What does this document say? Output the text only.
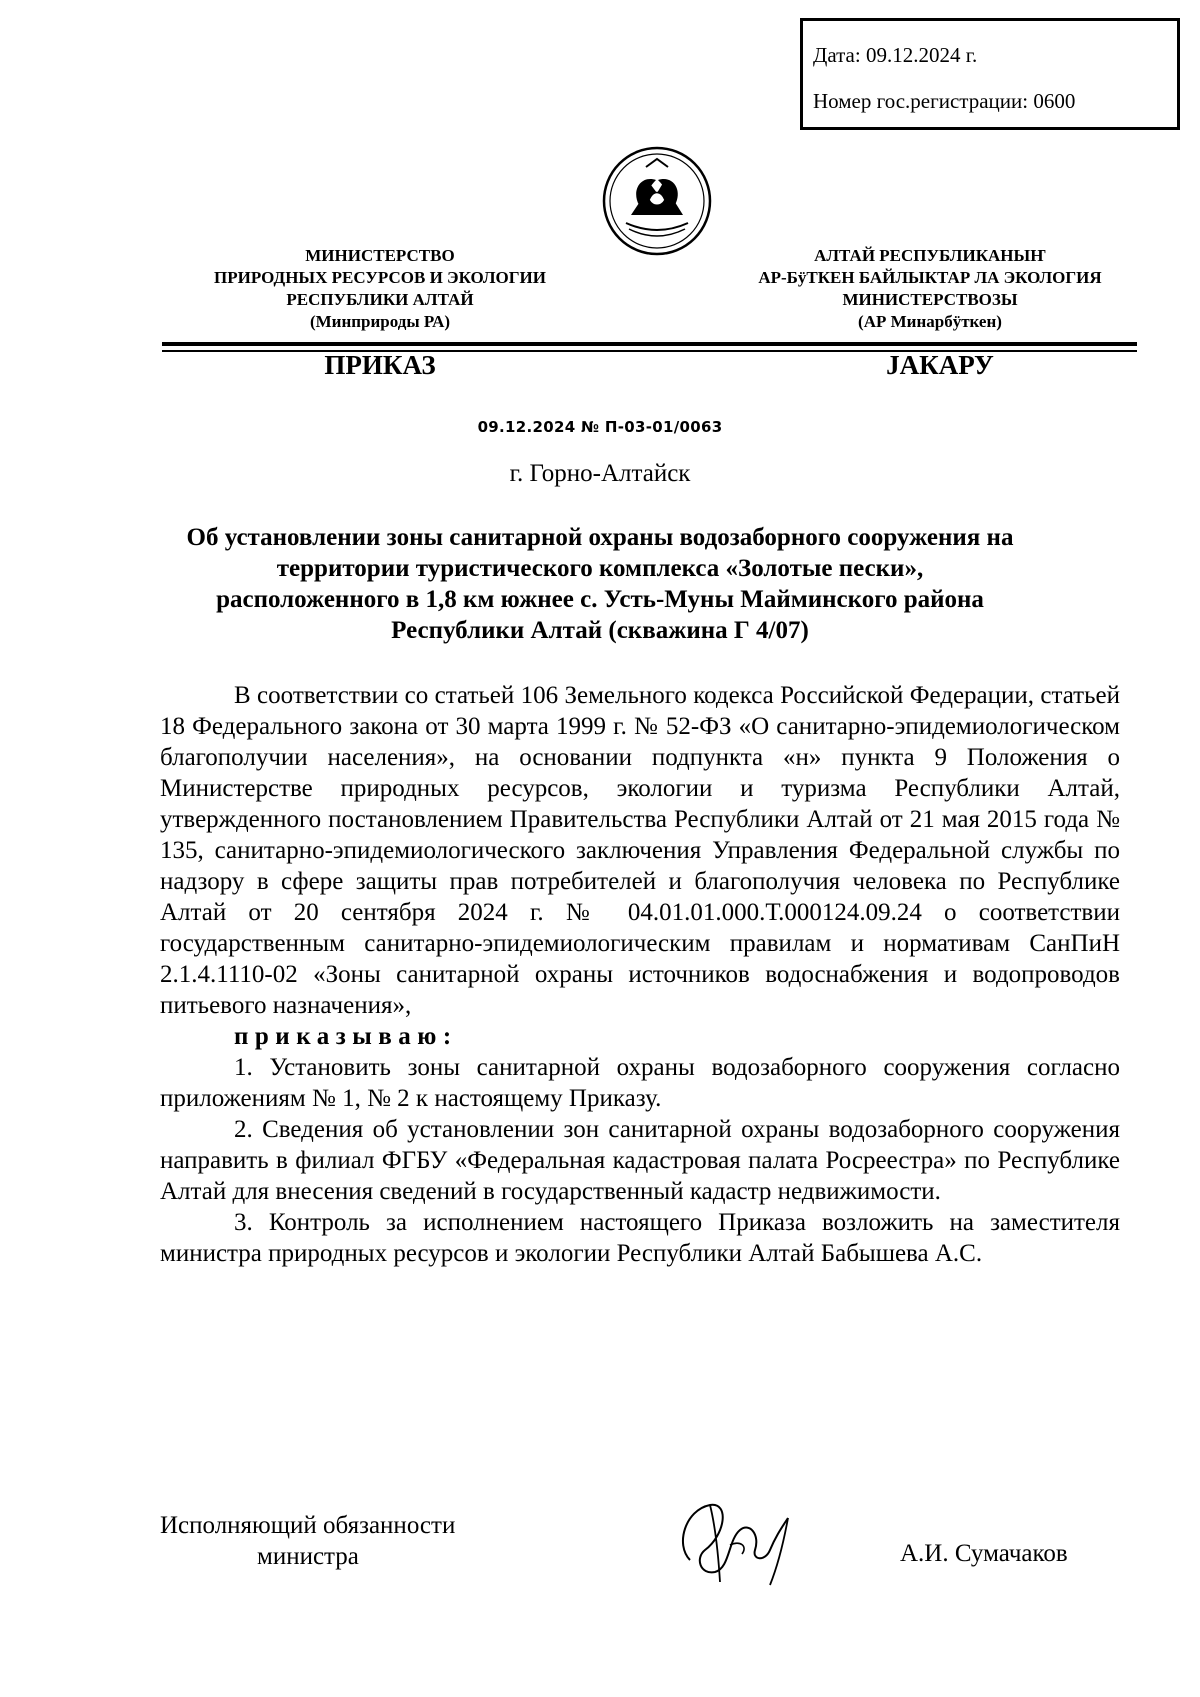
Дата: 09.12.2024 г.
Номер гос.регистрации: 0600
МИНИСТЕРСТВО
ПРИРОДНЫХ РЕСУРСОВ И ЭКОЛОГИИ
РЕСПУБЛИКИ АЛТАЙ
(Минприроды РА)
АЛТАЙ РЕСПУБЛИКАНЫҤ
АР-БÿТКЕН БАЙЛЫКТАР ЛА ЭКОЛОГИЯ
МИНИСТЕРСТВОЗЫ
(АР Минарбÿткен)
ПРИКАЗ	JАКАРУ
09.12.2024 № П-03-01/0063
г. Горно-Алтайск
Об установлении зоны санитарной охраны водозаборного сооружения на
территории туристического комплекса «Золотые пески»,
расположенного в 1,8 км южнее с. Усть-Муны Майминского района
Республики Алтай (скважина Г 4/07)

В соответствии со статьей 106 Земельного кодекса Российской Федерации, статьей 18 Федерального закона от 30 марта 1999 г. № 52-ФЗ «О санитарно-эпидемиологическом благополучии населения», на основании подпункта «н» пункта 9 Положения о Министерстве природных ресурсов, экологии и туризма Республики Алтай, утвержденного постановлением Правительства Республики Алтай от 21 мая 2015 года № 135, санитарно-эпидемиологического заключения Управления Федеральной службы по надзору в сфере защиты прав потребителей и благополучия человека по Республике Алтай от 20 сентября 2024 г. № 04.01.01.000.Т.000124.09.24 о соответствии государственным санитарно-эпидемиологическим правилам и нормативам СанПиН 2.1.4.1110-02 «Зоны санитарной охраны источников водоснабжения и водопроводов питьевого назначения»,

приказываю:

1. Установить зоны санитарной охраны водозаборного сооружения согласно приложениям № 1, № 2 к настоящему Приказу.

2. Сведения об установлении зон санитарной охраны водозаборного сооружения направить в филиал ФГБУ «Федеральная кадастровая палата Росреестра» по Республике Алтай для внесения сведений в государственный кадастр недвижимости.

3. Контроль за исполнением настоящего Приказа возложить на заместителя министра природных ресурсов и экологии Республики Алтай Бабышева А.С.

Исполняющий обязанности
министра	А.И. Сумачаков
